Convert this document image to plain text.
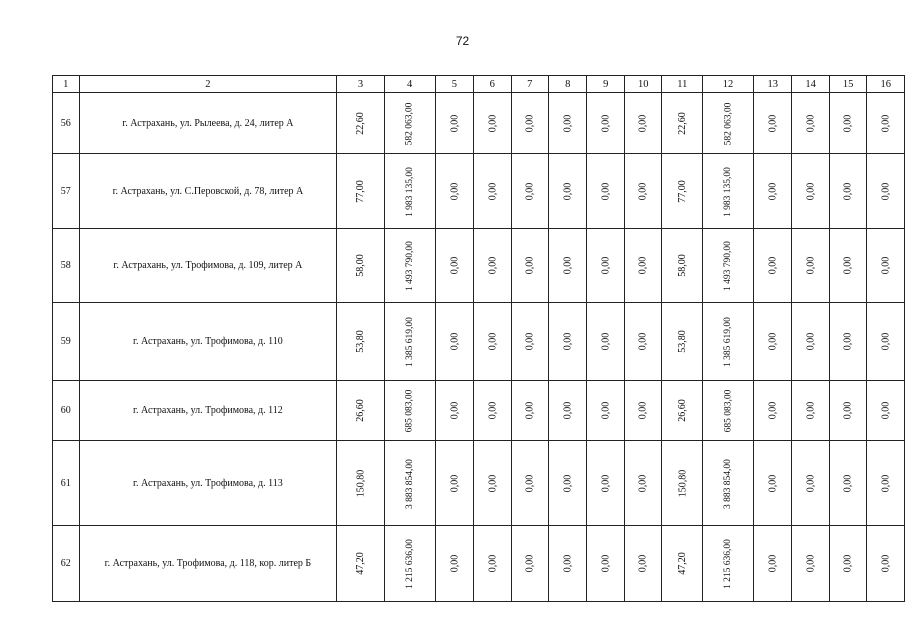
72
1	2	3	4	5	6	7	8	9	10	11	12	13	14	15	16
56	г. Астрахань, ул. Рылеева, д. 24, литер А	22,60	582 063,00	0,00	0,00	0,00	0,00	0,00	0,00	22,60	582 063,00	0,00	0,00	0,00	0,00
57	г. Астрахань, ул. С.Перовской, д. 78, литер А	77,00	1 983 135,00	0,00	0,00	0,00	0,00	0,00	0,00	77,00	1 983 135,00	0,00	0,00	0,00	0,00
58	г. Астрахань, ул. Трофимова, д. 109, литер А	58,00	1 493 790,00	0,00	0,00	0,00	0,00	0,00	0,00	58,00	1 493 790,00	0,00	0,00	0,00	0,00
59	г. Астрахань, ул. Трофимова, д. 110	53,80	1 385 619,00	0,00	0,00	0,00	0,00	0,00	0,00	53,80	1 385 619,00	0,00	0,00	0,00	0,00
60	г. Астрахань, ул. Трофимова, д. 112	26,60	685 083,00	0,00	0,00	0,00	0,00	0,00	0,00	26,60	685 083,00	0,00	0,00	0,00	0,00
61	г. Астрахань, ул. Трофимова, д. 113	150,80	3 883 854,00	0,00	0,00	0,00	0,00	0,00	0,00	150,80	3 883 854,00	0,00	0,00	0,00	0,00
62	г. Астрахань, ул. Трофимова, д. 118, кор. литер Б	47,20	1 215 636,00	0,00	0,00	0,00	0,00	0,00	0,00	47,20	1 215 636,00	0,00	0,00	0,00	0,00
